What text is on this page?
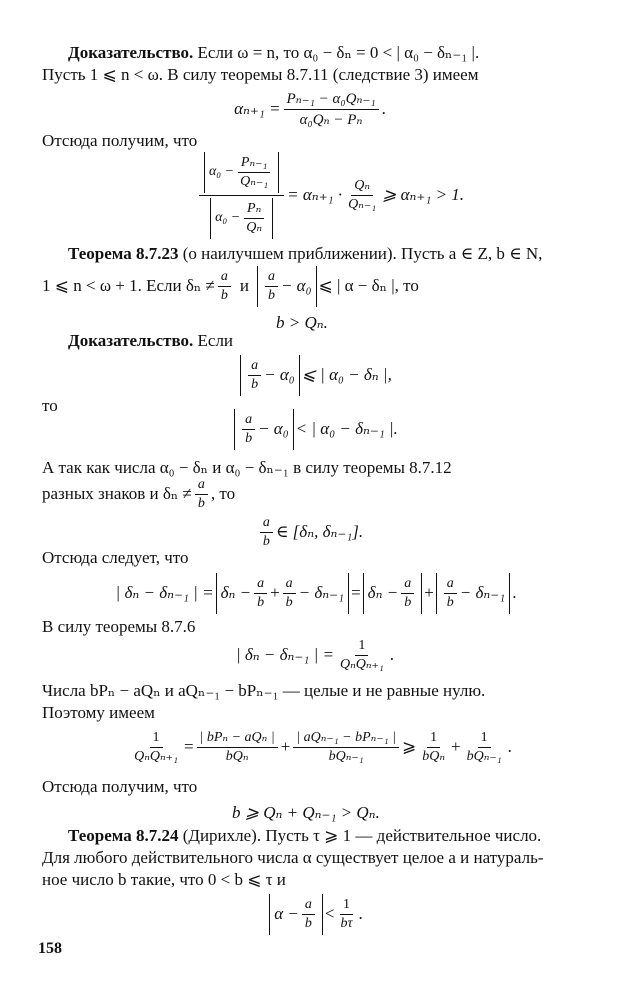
Доказательство. Если ω = n, то α₀ − δₙ = 0 < | α₀ − δₙ₋₁ |.
Пусть 1 ⩽ n < ω. В силу теоремы 8.7.11 (следствие 3) имеем
$\alpha_{n+1} = \frac{\text{Pₙ₋₁ − α₀Qₙ₋₁}}{\text{α₀Qₙ − Pₙ}}$ .
Отсюда получим, что
$\frac{\alpha_0 - \frac{\text{Pₙ₋₁}}{\text{Qₙ₋₁}}}{\alpha_0 - \frac{\text{Pₙ}}{\text{Qₙ}}} = \alpha_{n+1} \cdot \frac{\text{Qₙ}}{\text{Qₙ₋₁}}$ ⩾ αₙ₊₁ > 1.
Теорема 8.7.23 (о наилучшем приближении). Пусть a ∈ Z, b ∈ N,
1 ⩽ n < ω + 1. Если $\delta_n \ne \frac{a}{b}$ и $\frac{a}{b} - \alpha_0$ ⩽ | α − δₙ |, то
b > Qₙ.
Доказательство. Если
$\frac{a}{b} - \alpha_0$ ⩽ | α₀ − δₙ |,
то
$\frac{a}{b} - \alpha_0$ < | α₀ − δₙ₋₁ |.
А так как числа α₀ − δₙ и α₀ − δₙ₋₁ в силу теоремы 8.7.12
разных знаков и $\delta_n \ne \frac{a}{b}$ , то
$\frac{a}{b}$ ∈ [δₙ, δₙ₋₁].
Отсюда следует, что
| δₙ − δₙ₋₁ | = $\delta_n - \frac{a}{b} + \frac{a}{b} - \delta_{n-1} = \delta_n - \frac{a}{b} + \frac{a}{b} - \delta_{n-1}$ .
В силу теоремы 8.7.6
| δₙ − δₙ₋₁ | = $\frac{1}{\text{QₙQₙ₊₁}}$ .
Числа bPₙ − aQₙ и aQₙ₋₁ − bPₙ₋₁ — целые и не равные нулю.
Поэтому имеем
$\frac{1}{\text{QₙQₙ₊₁}} = \frac{\text{| bPₙ − aQₙ |}}{\text{bQₙ}} + \frac{\text{| aQₙ₋₁ − bPₙ₋₁ |}}{\text{bQₙ₋₁}}$ ⩾ $\frac{1}{\text{bQₙ}} + \frac{1}{\text{bQₙ₋₁}}$ .
Отсюда получим, что
b ⩾ Qₙ + Qₙ₋₁ > Qₙ.
Теорема 8.7.24 (Дирихле). Пусть τ ⩾ 1 — действительное число.
Для любого действительного числа α существует целое a и натураль-
ное число b такие, что 0 < b ⩽ τ и
$\alpha - \frac{a}{b} < \frac{1}{b\tau}$ .
158
